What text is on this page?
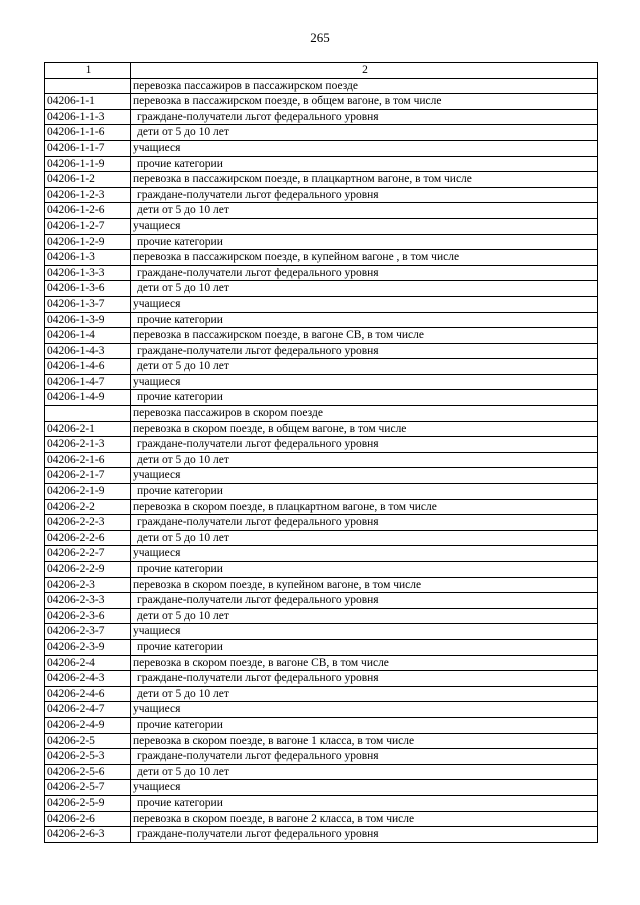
265
1	2
	перевозка пассажиров в пассажирском поезде
04206-1-1	перевозка в пассажирском поезде, в общем вагоне, в том числе
04206-1-1-3	граждане-получатели льгот федерального уровня
04206-1-1-6	дети от 5 до 10 лет
04206-1-1-7	учащиеся
04206-1-1-9	прочие категории
04206-1-2	перевозка в пассажирском поезде, в плацкартном вагоне, в том числе
04206-1-2-3	граждане-получатели льгот федерального уровня
04206-1-2-6	дети от 5 до 10 лет
04206-1-2-7	учащиеся
04206-1-2-9	прочие категории
04206-1-3	перевозка в пассажирском поезде, в купейном вагоне , в том числе
04206-1-3-3	граждане-получатели льгот федерального уровня
04206-1-3-6	дети от 5 до 10 лет
04206-1-3-7	учащиеся
04206-1-3-9	прочие категории
04206-1-4	перевозка в пассажирском поезде, в вагоне СВ, в том числе
04206-1-4-3	граждане-получатели льгот федерального уровня
04206-1-4-6	дети от 5 до 10 лет
04206-1-4-7	учащиеся
04206-1-4-9	прочие категории
	перевозка пассажиров в скором поезде
04206-2-1	перевозка в скором поезде, в общем вагоне, в том числе
04206-2-1-3	граждане-получатели льгот федерального уровня
04206-2-1-6	дети от 5 до 10 лет
04206-2-1-7	учащиеся
04206-2-1-9	прочие категории
04206-2-2	перевозка в скором поезде, в плацкартном вагоне, в том числе
04206-2-2-3	граждане-получатели льгот федерального уровня
04206-2-2-6	дети от 5 до 10 лет
04206-2-2-7	учащиеся
04206-2-2-9	прочие категории
04206-2-3	перевозка в скором поезде, в купейном вагоне, в том числе
04206-2-3-3	граждане-получатели льгот федерального уровня
04206-2-3-6	дети от 5 до 10 лет
04206-2-3-7	учащиеся
04206-2-3-9	прочие категории
04206-2-4	перевозка в скором поезде, в вагоне СВ, в том числе
04206-2-4-3	граждане-получатели льгот федерального уровня
04206-2-4-6	дети от 5 до 10 лет
04206-2-4-7	учащиеся
04206-2-4-9	прочие категории
04206-2-5	перевозка в скором поезде, в вагоне 1 класса, в том числе
04206-2-5-3	граждане-получатели льгот федерального уровня
04206-2-5-6	дети от 5 до 10 лет
04206-2-5-7	учащиеся
04206-2-5-9	прочие категории
04206-2-6	перевозка в скором поезде, в вагоне 2 класса, в том числе
04206-2-6-3	граждане-получатели льгот федерального уровня
